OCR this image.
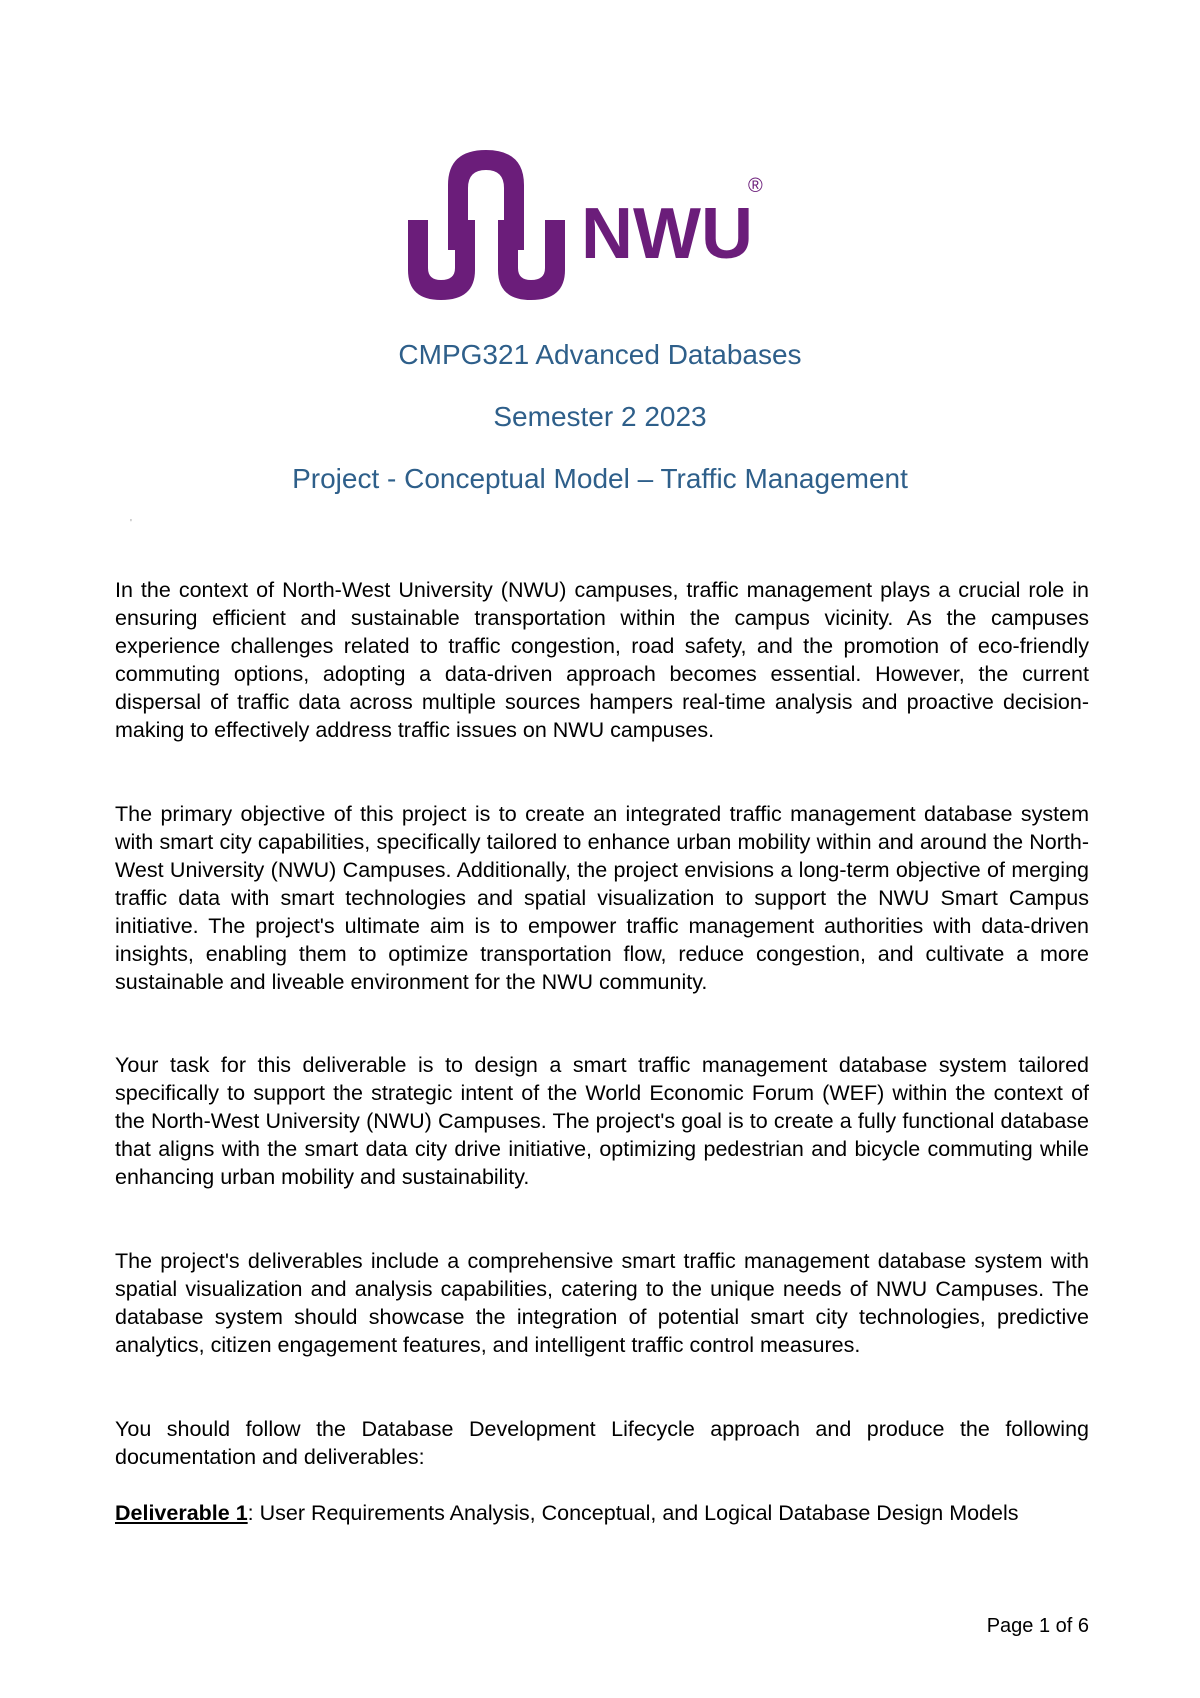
NWU
®
CMPG321 Advanced Databases
Semester 2 2023
Project - Conceptual Model – Traffic Management
'

In the context of North-West University (NWU) campuses, traffic management plays a crucial role in ensuring efficient and sustainable transportation within the campus vicinity. As the campuses experience challenges related to traffic congestion, road safety, and the promotion of eco-friendly commuting options, adopting a data-driven approach becomes essential. However, the current dispersal of traffic data across multiple sources hampers real-time analysis and proactive decision-making to effectively address traffic issues on NWU campuses.

The primary objective of this project is to create an integrated traffic management database system with smart city capabilities, specifically tailored to enhance urban mobility within and around the North-West University (NWU) Campuses. Additionally, the project envisions a long-term objective of merging traffic data with smart technologies and spatial visualization to support the NWU Smart Campus initiative. The project's ultimate aim is to empower traffic management authorities with data-driven insights, enabling them to optimize transportation flow, reduce congestion, and cultivate a more sustainable and liveable environment for the NWU community.

Your task for this deliverable is to design a smart traffic management database system tailored specifically to support the strategic intent of the World Economic Forum (WEF) within the context of the North-West University (NWU) Campuses. The project's goal is to create a fully functional database that aligns with the smart data city drive initiative, optimizing pedestrian and bicycle commuting while enhancing urban mobility and sustainability.

The project's deliverables include a comprehensive smart traffic management database system with spatial visualization and analysis capabilities, catering to the unique needs of NWU Campuses. The database system should showcase the integration of potential smart city technologies, predictive analytics, citizen engagement features, and intelligent traffic control measures.

You should follow the Database Development Lifecycle approach and produce the following documentation and deliverables:

Deliverable 1: User Requirements Analysis, Conceptual, and Logical Database Design Models

Page 1 of 6
